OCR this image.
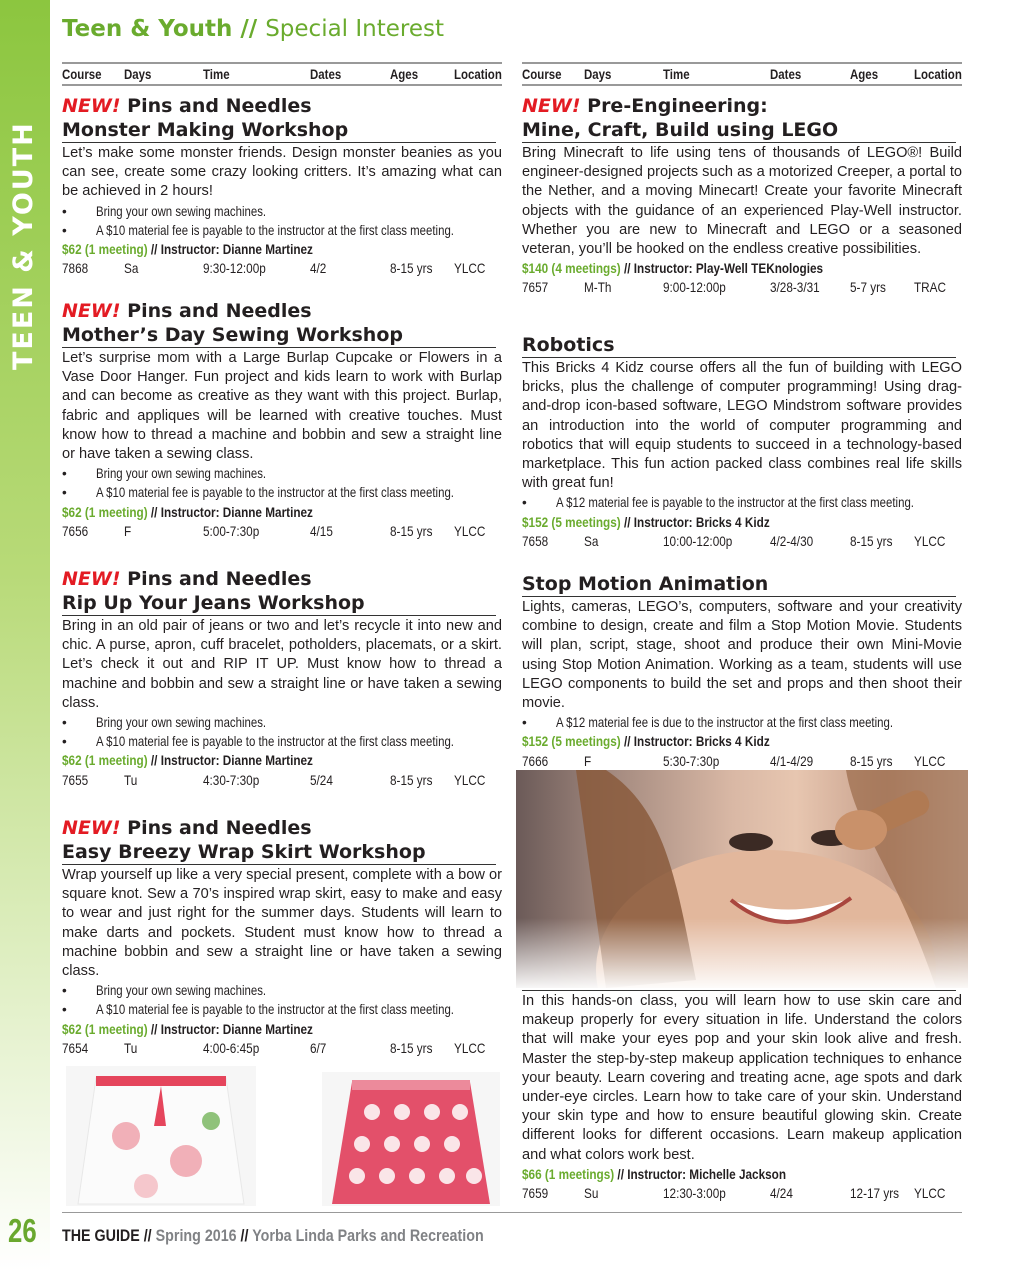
TEEN & YOUTH
26
Teen & Youth // Special Interest
Course	Days	Time	Dates	Ages	Location
NEW! Pins and Needles
Monster Making Workshop
Let’s make some monster friends. Design monster beanies as you can see, create some crazy looking critters. It’s amazing what can be achieved in 2 hours!
•	Bring your own sewing machines.
•	A $10 material fee is payable to the instructor at the first class meeting.
$62 (1 meeting) // Instructor: Dianne Martinez
7868	Sa	9:30-12:00p	4/2	8-15 yrs	YLCC
NEW! Pins and Needles
Mother’s Day Sewing Workshop
Let’s surprise mom with a Large Burlap Cupcake or Flowers in a Vase Door Hanger. Fun project and kids learn to work with Burlap and can become as creative as they want with this project. Burlap, fabric and appliques will be learned with creative touches. Must know how to thread a machine and bobbin and sew a straight line or have taken a sewing class.
•	Bring your own sewing machines.
•	A $10 material fee is payable to the instructor at the first class meeting.
$62 (1 meeting) // Instructor: Dianne Martinez
7656	F	5:00-7:30p	4/15	8-15 yrs	YLCC
NEW! Pins and Needles
Rip Up Your Jeans Workshop
Bring in an old pair of jeans or two and let’s recycle it into new and chic. A purse, apron, cuff bracelet, potholders, placemats, or a skirt. Let’s check it out and RIP IT UP. Must know how to thread a machine and bobbin and sew a straight line or have taken a sewing class.
•	Bring your own sewing machines.
•	A $10 material fee is payable to the instructor at the first class meeting.
$62 (1 meeting) // Instructor: Dianne Martinez
7655	Tu	4:30-7:30p	5/24	8-15 yrs	YLCC
NEW! Pins and Needles
Easy Breezy Wrap Skirt Workshop
Wrap yourself up like a very special present, complete with a bow or square knot. Sew a 70’s inspired wrap skirt, easy to make and easy to wear and just right for the summer days. Students will learn to make darts and pockets. Student must know how to thread a machine bobbin and sew a straight line or have taken a sewing class.
•	Bring your own sewing machines.
•	A $10 material fee is payable to the instructor at the first class meeting.
$62 (1 meeting) // Instructor: Dianne Martinez
7654	Tu	4:00-6:45p	6/7	8-15 yrs	YLCC
Course	Days	Time	Dates	Ages	Location
NEW! Pre-Engineering:
Mine, Craft, Build using LEGO
Bring Minecraft to life using tens of thousands of LEGO®! Build engineer-designed projects such as a motorized Creeper, a portal to the Nether, and a moving Minecart! Create your favorite Minecraft objects with the guidance of an experienced Play-Well instructor. Whether you are new to Minecraft and LEGO or a seasoned veteran, you’ll be hooked on the endless creative possibilities.
$140 (4 meetings) // Instructor: Play-Well TEKnologies
7657	M-Th	9:00-12:00p	3/28-3/31	5-7 yrs	TRAC
Robotics
This Bricks 4 Kidz course offers all the fun of building with LEGO bricks, plus the challenge of computer programming! Using drag-and-drop icon-based software, LEGO Mindstrom software provides an introduction into the world of computer programming and robotics that will equip students to succeed in a technology-based marketplace. This fun action packed class combines real life skills with great fun!
•	A $12 material fee is payable to the instructor at the first class meeting.
$152 (5 meetings) // Instructor: Bricks 4 Kidz
7658	Sa	10:00-12:00p	4/2-4/30	8-15 yrs	YLCC
Stop Motion Animation
Lights, cameras, LEGO’s, computers, software and your creativity combine to design, create and film a Stop Motion Movie. Students will plan, script, stage, shoot and produce their own Mini-Movie using Stop Motion Animation. Working as a team, students will use LEGO components to build the set and props and then shoot their movie.
•	A $12 material fee is due to the instructor at the first class meeting.
$152 (5 meetings) // Instructor: Bricks 4 Kidz
7666	F	5:30-7:30p	4/1-4/29	8-15 yrs	YLCC
In this hands-on class, you will learn how to use skin care and makeup properly for every situation in life. Understand the colors that will make your eyes pop and your skin look alive and fresh. Master the step-by-step makeup application techniques to enhance your beauty. Learn covering and treating acne, age spots and dark under-eye circles. Learn how to take care of your skin. Understand your skin type and how to ensure beautiful glowing skin. Create different looks for different occasions. Learn makeup application and what colors work best.
$66 (1 meetings) // Instructor: Michelle Jackson
7659	Su	12:30-3:00p	4/24	12-17 yrs	YLCC
THE GUIDE // Spring 2016 // Yorba Linda Parks and Recreation
